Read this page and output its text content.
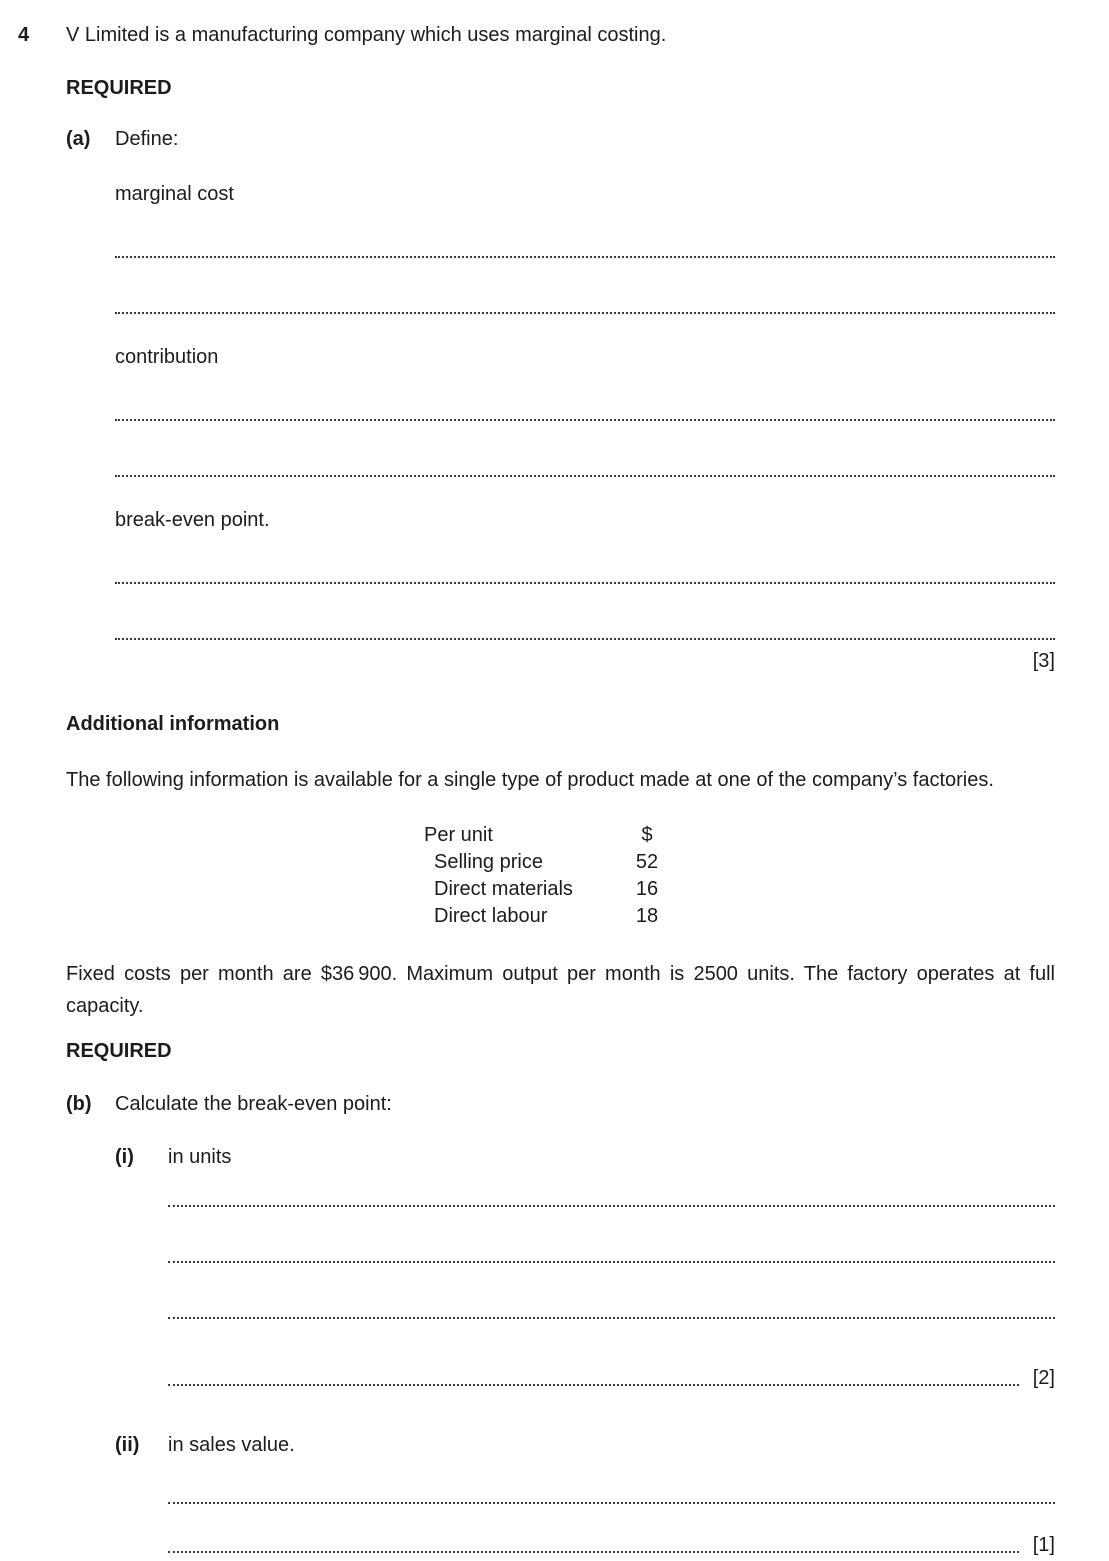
4	V Limited is a manufacturing company which uses marginal costing.

REQUIRED

(a)	Define:

marginal cost

contribution

break-even point.

[3]

Additional information

The following information is available for a single type of product made at one of the company’s factories.

Per unit	$
Selling price	52
Direct materials	16
Direct labour	18

Fixed costs per month are $36 900. Maximum output per month is 2500 units. The factory operates at full capacity.

REQUIRED

(b)	Calculate the break-even point:

(i)	in units

[2]
(ii)	in sales value.

[1]
